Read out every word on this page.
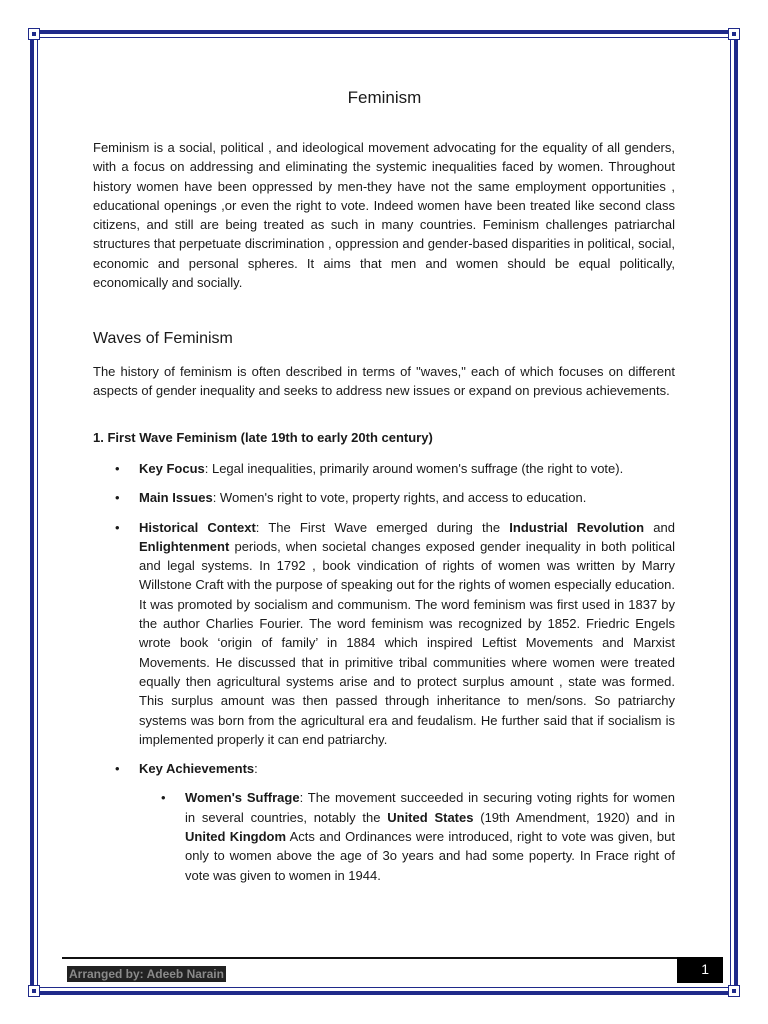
Feminism

Feminism is a social, political , and ideological movement advocating for the equality of all genders, with a focus on addressing and eliminating the systemic inequalities faced by women. Throughout history women have been oppressed by men-they have not the same employment opportunities , educational openings ,or even the right to vote. Indeed women have been treated like second class citizens, and still are being treated as such in many countries. Feminism challenges patriarchal structures that perpetuate discrimination , oppression and gender-based disparities in political, social, economic and personal spheres. It aims that men and women should be equal politically, economically and socially.

Waves of Feminism

The history of feminism is often described in terms of "waves," each of which focuses on different aspects of gender inequality and seeks to address new issues or expand on previous achievements.

1. First Wave Feminism (late 19th to early 20th century)
• Key Focus: Legal inequalities, primarily around women's suffrage (the right to vote).
• Main Issues: Women's right to vote, property rights, and access to education.
• Historical Context: The First Wave emerged during the Industrial Revolution and Enlightenment periods, when societal changes exposed gender inequality in both political and legal systems. In 1792 , book vindication of rights of women was written by Marry Willstone Craft with the purpose of speaking out for the rights of women especially education. It was promoted by socialism and communism. The word feminism was first used in 1837 by the author Charlies Fourier. The word feminism was recognized by 1852. Friedric Engels wrote book ‘origin of family’ in 1884 which inspired Leftist Movements and Marxist Movements. He discussed that in primitive tribal communities where women were treated equally then agricultural systems arise and to protect surplus amount , state was formed. This surplus amount was then passed through inheritance to men/sons. So patriarchy systems was born from the agricultural era and feudalism. He further said that if socialism is implemented properly it can end patriarchy.
• Key Achievements:
• Women's Suffrage: The movement succeeded in securing voting rights for women in several countries, notably the United States (19th Amendment, 1920) and in United Kingdom Acts and Ordinances were introduced, right to vote was given, but only to women above the age of 3o years and had some poperty. In Frace right of vote was given to women in 1944.
Arranged by: Adeeb Narain	1
